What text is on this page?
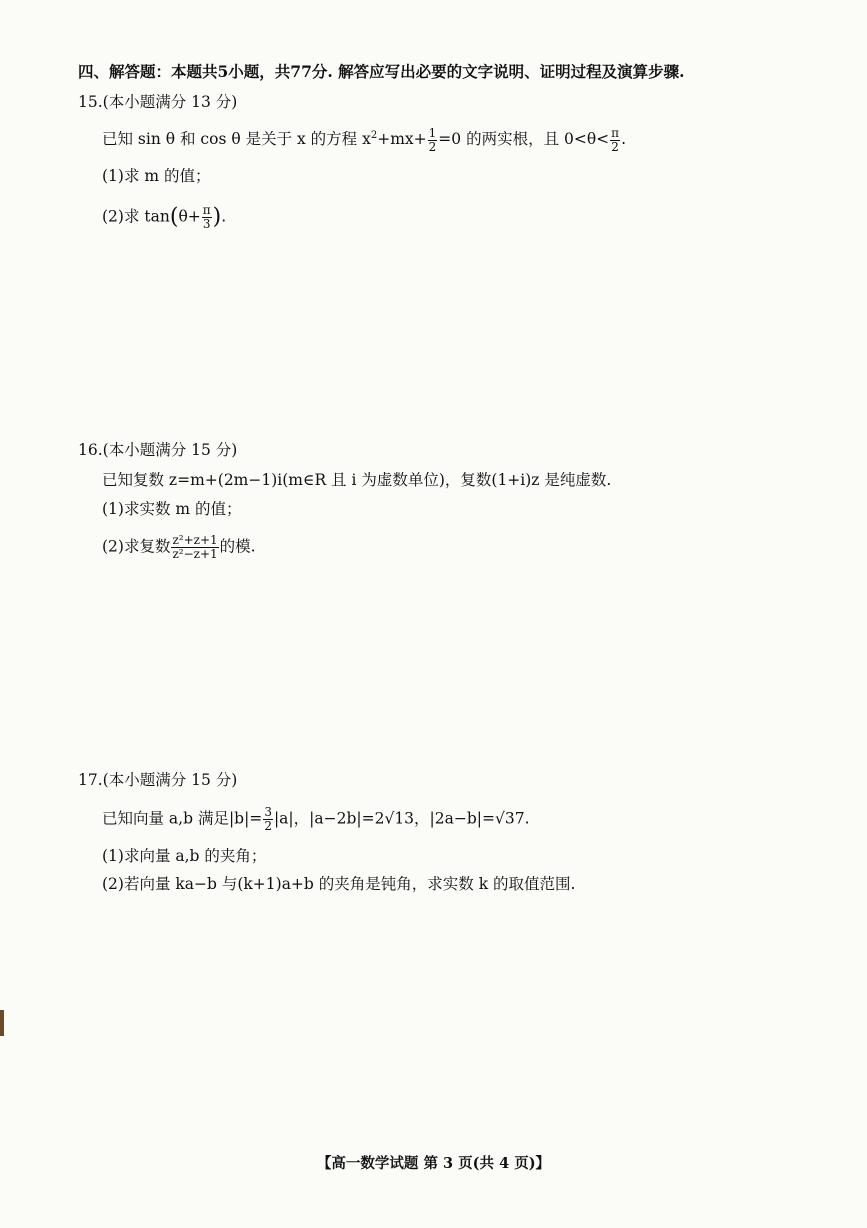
四、解答题：本题共5小题，共77分. 解答应写出必要的文字说明、证明过程及演算步骤.
15.(本小题满分 13 分)
已知 sin θ 和 cos θ 是关于 x 的方程 $x^2+mx+ \frac{1}{2} =0$ 的两实根，且 $0<\theta< \frac{\pi}{2}$ .
(1)求 m 的值；
(2)求 $\tan(\theta+ \frac{\pi}{3}$ ).
16.(本小题满分 15 分)
已知复数 z=m+(2m−1)i(m∈R 且 i 为虚数单位)，复数(1+i)z 是纯虚数.
(1)求实数 m 的值；
(2)求复数 $\frac{\text{z²+z+1}}{\text{z²−z+1}}$ 的模.
17.(本小题满分 15 分)
已知向量 a,b 满足$|b|= \frac{3}{2} |a|$，|a−2b|=2√13，|2a−b|=√37.
(1)求向量 a,b 的夹角；
(2)若向量 ka−b 与(k+1)a+b 的夹角是钝角，求实数 k 的取值范围.
【高一数学试题 第 3 页(共 4 页)】
